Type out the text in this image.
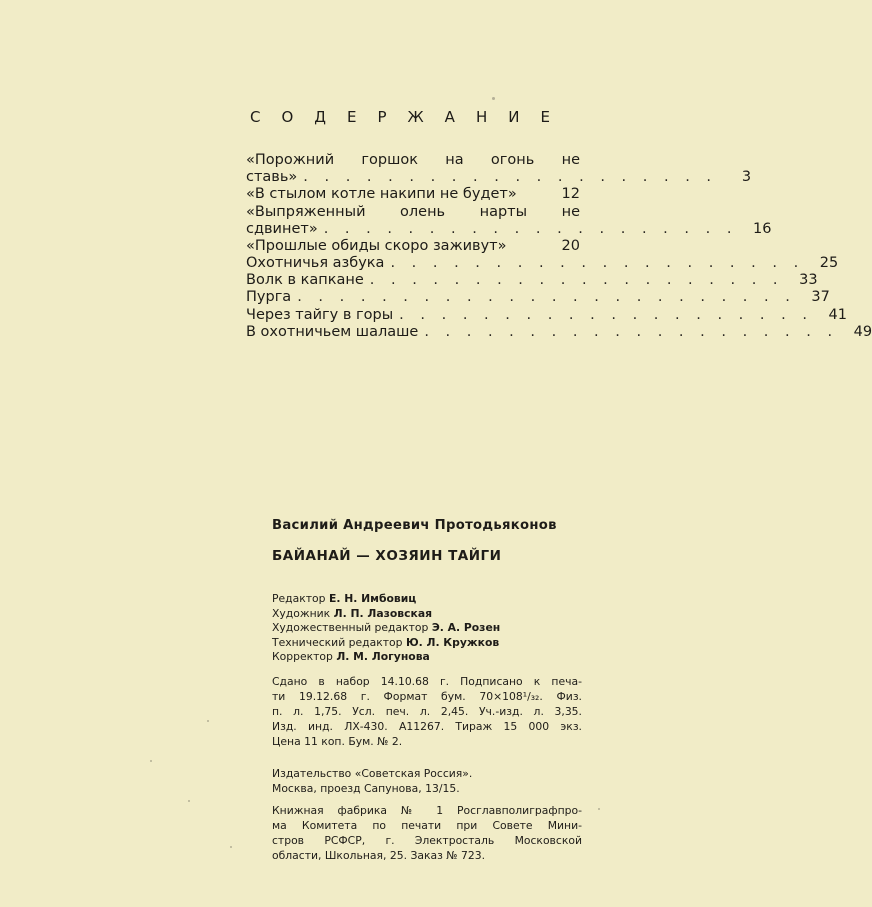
СОДЕРЖАНИЕ
«Порожний горшок на огонь не
ставь» . . . . . . . . . . . . . . . . . . . .	3
«В стылом котле накипи не будет»	12
«Выпряженный олень нарты не
сдвинет» . . . . . . . . . . . . . . . . . . . .	16
«Прошлые обиды скоро заживут»	20
Охотничья азбука . . . . . . . . . . . . . . . . . . . .	25
Волк в капкане . . . . . . . . . . . . . . . . . . . .	33
Пурга . . . . . . . . . . . . . . . . . . . . . . . .	37
Через тайгу в горы . . . . . . . . . . . . . . . . . . . .	41
В охотничьем шалаше . . . . . . . . . . . . . . . . . . . .	49
Василий Андреевич Протодьяконов
БАЙАНАЙ — ХОЗЯИН ТАЙГИ
Редактор Е. Н. Имбовиц
Художник Л. П. Лазовская
Художественный редактор Э. А. Розен
Технический редактор Ю. Л. Кружков
Корректор Л. М. Логунова
Сдано в набор 14.10.68 г. Подписано к печа-
ти 19.12.68 г. Формат бум. 70×108¹/₃₂. Физ.
п. л. 1,75. Усл. печ. л. 2,45. Уч.-изд. л. 3,35.
Изд. инд. ЛХ-430. А11267. Тираж 15 000 экз.
Цена 11 коп. Бум. № 2.
Издательство «Советская Россия».
Москва, проезд Сапунова, 13/15.
Книжная фабрика № 1 Росглавполиграфпро-
ма Комитета по печати при Совете Мини-
стров РСФСР, г. Электросталь Московской
области, Школьная, 25. Заказ № 723.
